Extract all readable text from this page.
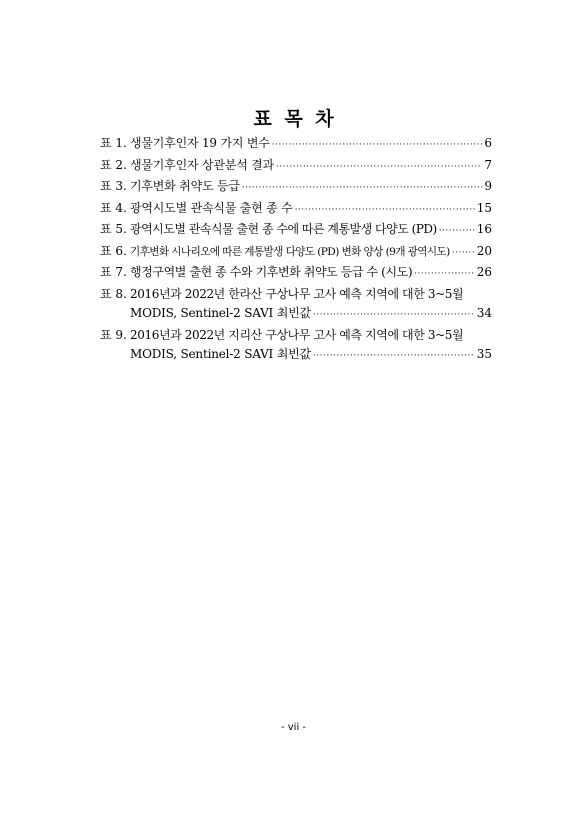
표 목 차
표 1. 생물기후인자 19 가지 변수 ·····	6
표 2. 생물기후인자 상관분석 결과 ·····	7
표 3. 기후변화 취약도 등급 ·····	9
표 4. 광역시도별 관속식물 출현 종 수 ·····	15
표 5. 광역시도별 관속식물 출현 종 수에 따른 계통발생 다양도 (PD) ·····	16
표 6. 기후변화 시나리오에 따른 계통발생 다양도 (PD) 변화 양상 (9개 광역시도) ····· 20
표 7. 행정구역별 출현 종 수와 기후변화 취약도 등급 수 (시도) ·····	26
표 8. 2016년과 2022년 한라산 구상나무 고사 예측 지역에 대한 3~5월
MODIS, Sentinel-2 SAVI 최빈값 ·····	34
표 9. 2016년과 2022년 지리산 구상나무 고사 예측 지역에 대한 3~5월
MODIS, Sentinel-2 SAVI 최빈값 ·····	35
- vii -
